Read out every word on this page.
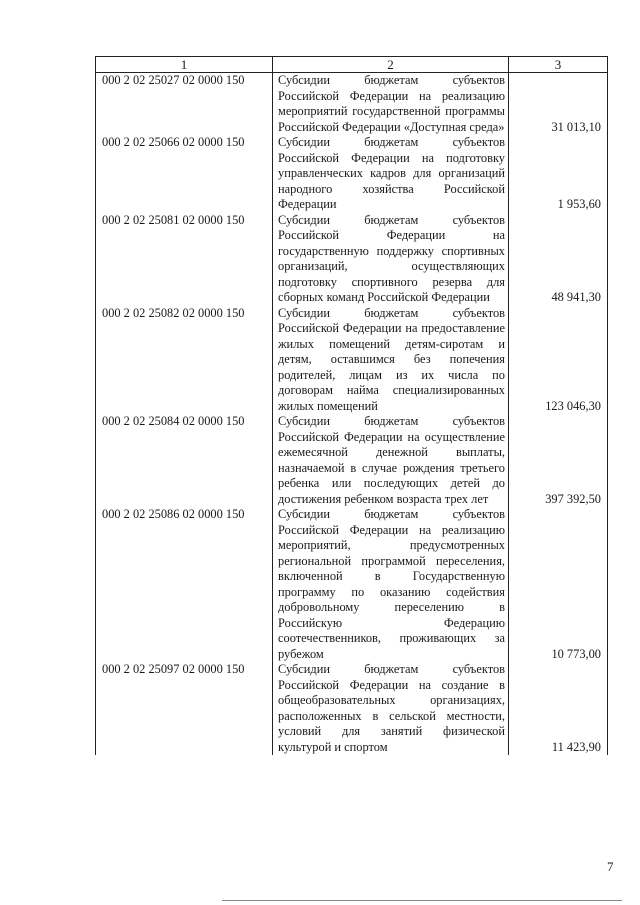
1	2	3
000 2 02 25027 02 0000 150	Субсидии бюджетам субъектов Российской Федерации на реализацию мероприятий государственной программы Российской Федерации «Доступная среда»	31 013,10
000 2 02 25066 02 0000 150	Субсидии бюджетам субъектов Российской Федерации на подготовку управленческих кадров для организаций народного хозяйства Российской Федерации	1 953,60
000 2 02 25081 02 0000 150	Субсидии бюджетам субъектов Российской Федерации на государственную поддержку спортивных организаций, осуществляющих подготовку спортивного резерва для сборных команд Российской Федерации	48 941,30
000 2 02 25082 02 0000 150	Субсидии бюджетам субъектов Российской Федерации на предоставление жилых помещений детям-сиротам и детям, оставшимся без попечения родителей, лицам из их числа по договорам найма специализированных жилых помещений	123 046,30
000 2 02 25084 02 0000 150	Субсидии бюджетам субъектов Российской Федерации на осуществление ежемесячной денежной выплаты, назначаемой в случае рождения третьего ребенка или последующих детей до достижения ребенком возраста трех лет	397 392,50
000 2 02 25086 02 0000 150	Субсидии бюджетам субъектов Российской Федерации на реализацию мероприятий, предусмотренных региональной программой переселения, включенной в Государственную программу по оказанию содействия добровольному переселению в Российскую Федерацию соотечественников, проживающих за рубежом	10 773,00
000 2 02 25097 02 0000 150	Субсидии бюджетам субъектов Российской Федерации на создание в общеобразовательных организациях, расположенных в сельской местности, условий для занятий физической культурой и спортом	11 423,90
7
